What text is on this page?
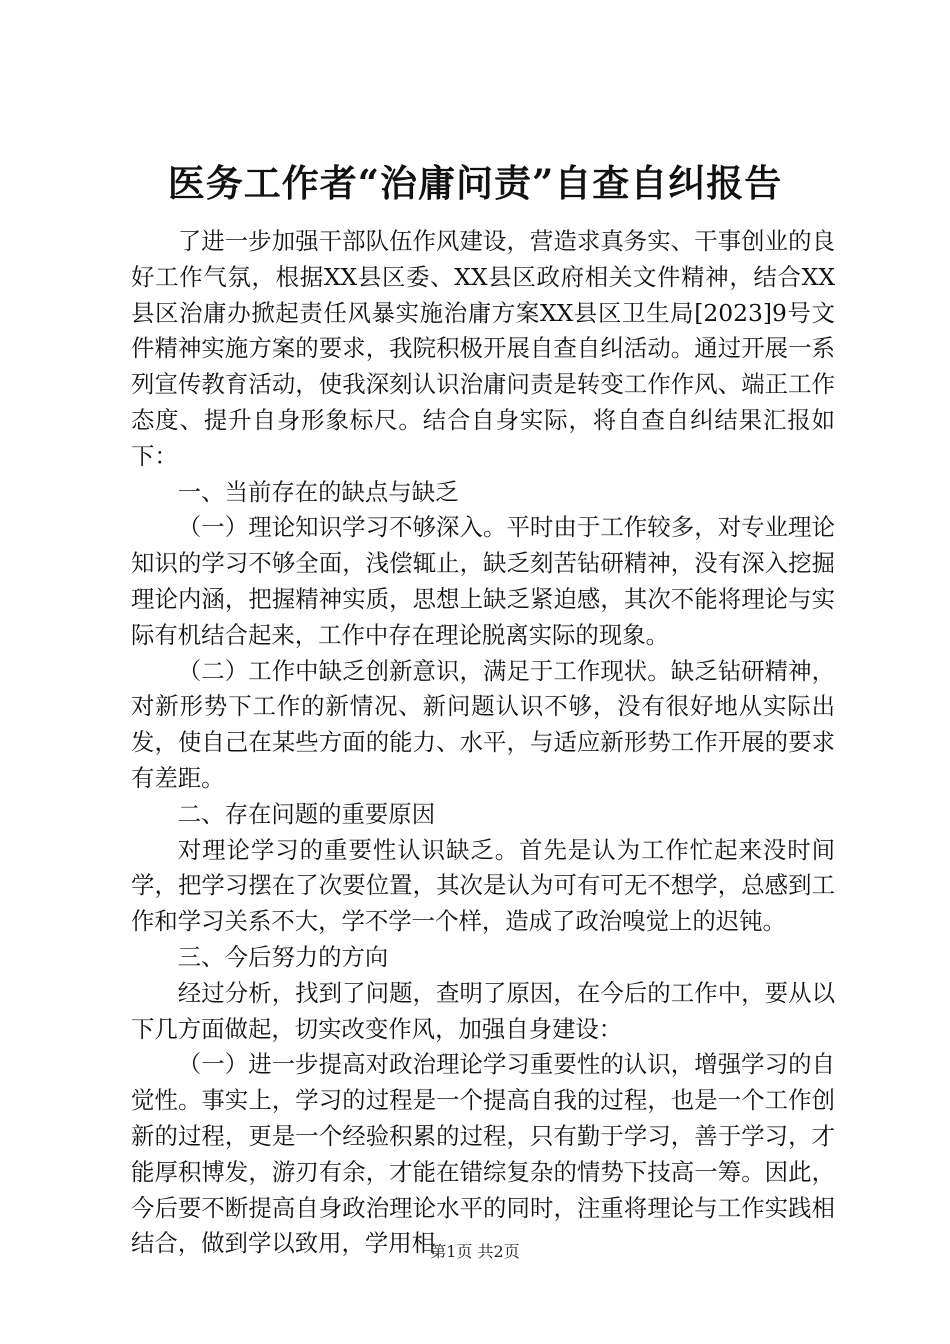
医务工作者“治庸问责”自查自纠报告

了进一步加强干部队伍作风建设，营造求真务实、干事创业的良好工作气氛，根据XX县区委、XX县区政府相关文件精神，结合XX县区治庸办掀起责任风暴实施治庸方案XX县区卫生局[2023]9号文件精神实施方案的要求，我院积极开展自查自纠活动。通过开展一系列宣传教育活动，使我深刻认识治庸问责是转变工作作风、端正工作态度、提升自身形象标尺。结合自身实际，将自查自纠结果汇报如下：

一、当前存在的缺点与缺乏

（一）理论知识学习不够深入。平时由于工作较多，对专业理论知识的学习不够全面，浅偿辄止，缺乏刻苦钻研精神，没有深入挖掘理论内涵，把握精神实质，思想上缺乏紧迫感，其次不能将理论与实际有机结合起来，工作中存在理论脱离实际的现象。

（二）工作中缺乏创新意识，满足于工作现状。缺乏钻研精神，对新形势下工作的新情况、新问题认识不够，没有很好地从实际出发，使自己在某些方面的能力、水平，与适应新形势工作开展的要求有差距。

二、存在问题的重要原因

对理论学习的重要性认识缺乏。首先是认为工作忙起来没时间学，把学习摆在了次要位置，其次是认为可有可无不想学，总感到工作和学习关系不大，学不学一个样，造成了政治嗅觉上的迟钝。

三、今后努力的方向

经过分析，找到了问题，查明了原因，在今后的工作中，要从以下几方面做起，切实改变作风，加强自身建设：

（一）进一步提高对政治理论学习重要性的认识，增强学习的自觉性。事实上，学习的过程是一个提高自我的过程，也是一个工作创新的过程，更是一个经验积累的过程，只有勤于学习，善于学习，才能厚积博发，游刃有余，才能在错综复杂的情势下技高一筹。因此，今后要不断提高自身政治理论水平的同时，注重将理论与工作实践相结合，做到学以致用，学用相

第1页 共2页
